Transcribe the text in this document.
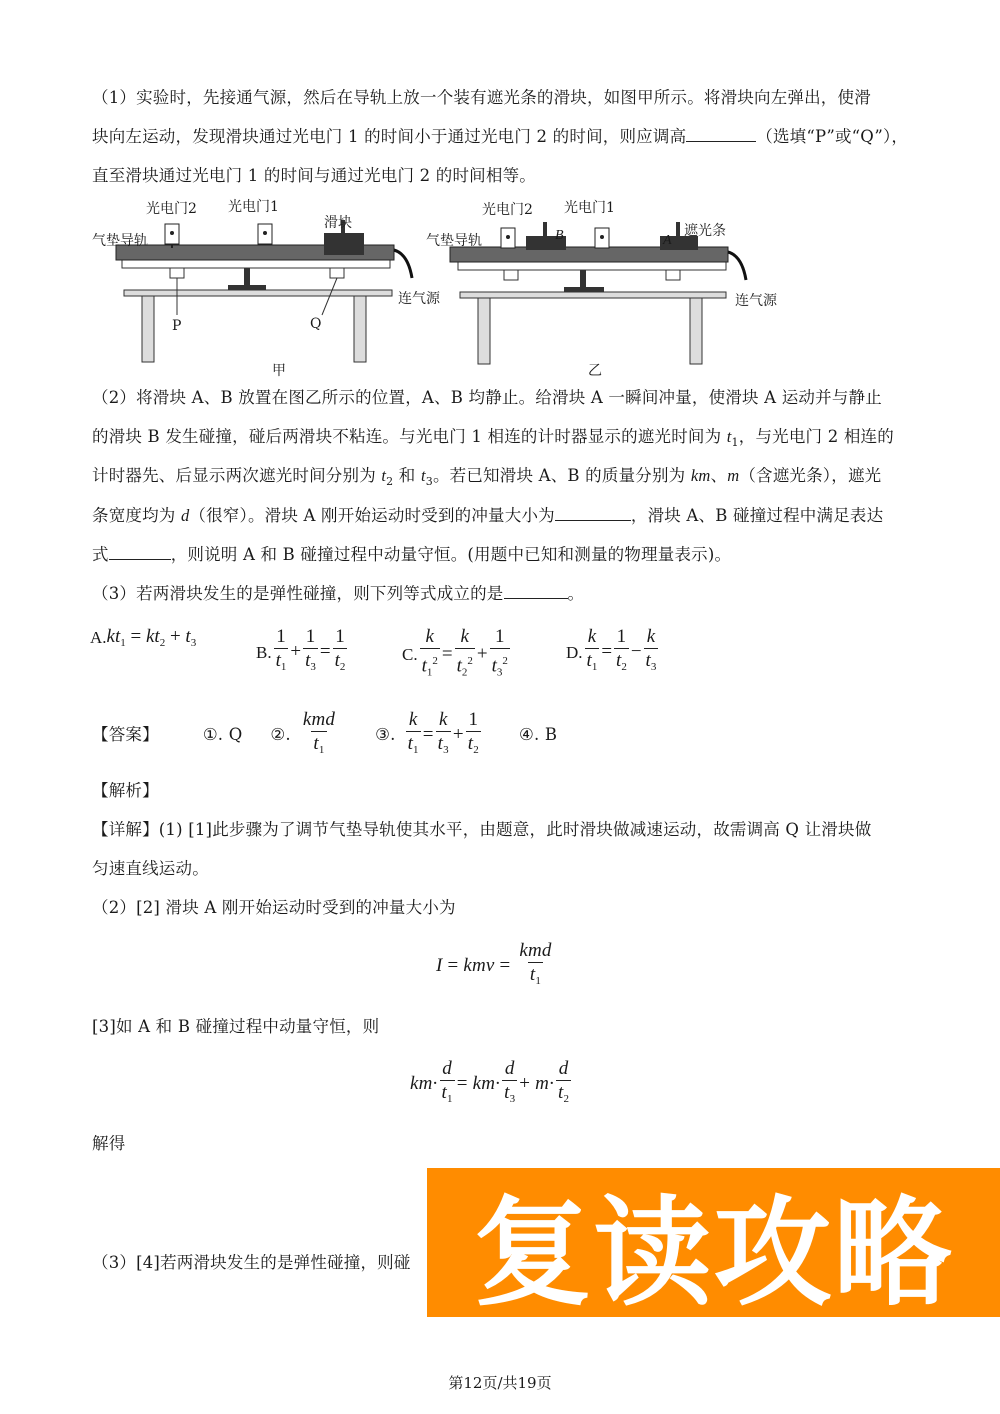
（1）实验时，先接通气源，然后在导轨上放一个装有遮光条的滑块，如图甲所示。将滑块向左弹出，使滑
块向左运动，发现滑块通过光电门 1 的时间小于通过光电门 2 的时间，则应调高	（选填“P”或“Q”），
直至滑块通过光电门 1 的时间与通过光电门 2 的时间相等。
气垫导轨
光电门2 光电门1
滑块
P	Q
连气源
甲
气垫导轨
光电门2 光电门1
B	A
遮光条
连气源
乙
（2）将滑块 A、B 放置在图乙所示的位置，A、B 均静止。给滑块 A 一瞬间冲量，使滑块 A 运动并与静止
的滑块 B 发生碰撞，碰后两滑块不粘连。与光电门 1 相连的计时器显示的遮光时间为 $t_1$，与光电门 2 相连的
计时器先、后显示两次遮光时间分别为 $t_2$ 和 $t_3$。若已知滑块 A、B 的质量分别为 km、m（含遮光条），遮光
条宽度均为 d（很窄）。滑块 A 刚开始运动时受到的冲量大小为	，滑块 A、B 碰撞过程中满足表达
式	，则说明 A 和 B 碰撞过程中动量守恒。(用题中已知和测量的物理量表示)。
（3）若两滑块发生的是弹性碰撞，则下列等式成立的是	。
A. $kt_1 = kt_2 + t_3$	B. $\frac{1}{t_1} + \frac{1}{t_3} = \frac{1}{t_2}$	C. $\frac{k}{t_1^2} = \frac{k}{t_2^2} + \frac{1}{t_3^2}$	D. $\frac{k}{t_1} = \frac{1}{t_2} - \frac{k}{t_3}$
【答案】	①. Q ②. $\frac{\text{kmd}}{t_1}$ ③. $\frac{k}{t_1} = \frac{k}{t_3} + \frac{1}{t_2}$ ④. B
【解析】
【详解】(1) [1]此步骤为了调节气垫导轨使其水平，由题意，此时滑块做减速运动，故需调高 Q 让滑块做
匀速直线运动。
（2）[2] 滑块 A 刚开始运动时受到的冲量大小为
I = kmv = $\frac{\text{kmd}}{t_1}$
[3]如 A 和 B 碰撞过程中动量守恒，则
$km\cdot \frac{d}{t_1} = km\cdot \frac{d}{t_3} + m\cdot \frac{d}{t_2}$
解得
（3）[4]若两滑块发生的是弹性碰撞，则碰 复读攻略
第12页/共19页
